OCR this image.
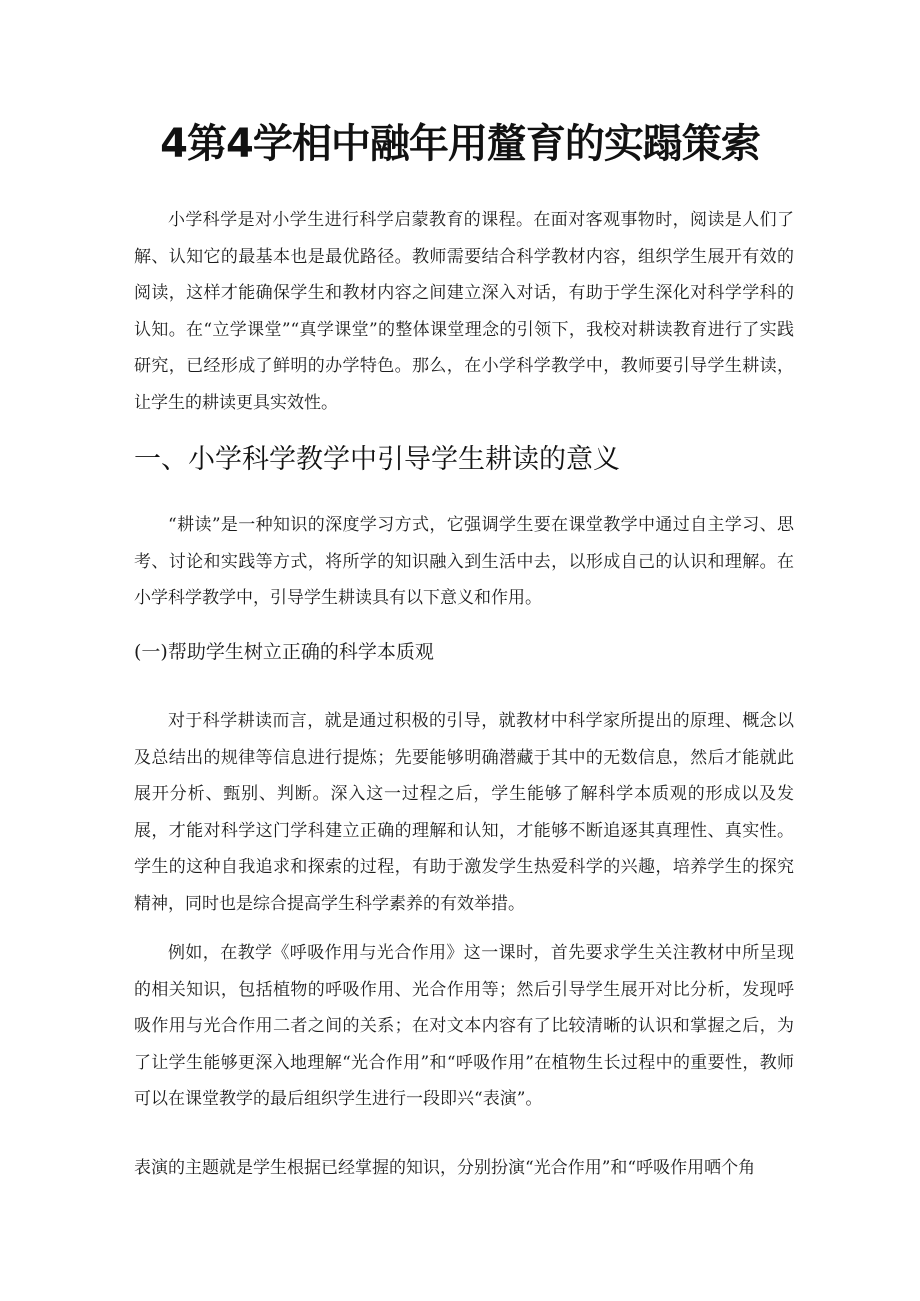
4第4学相中融年用釐育的实蹋策索

小学科学是对小学生进行科学启蒙教育的课程。在面对客观事物时，阅读是人们了解、认知它的最基本也是最优路径。教师需要结合科学教材内容，组织学生展开有效的阅读，这样才能确保学生和教材内容之间建立深入对话，有助于学生深化对科学学科的认知。在“立学课堂”“真学课堂”的整体课堂理念的引领下，我校对耕读教育进行了实践研究，已经形成了鲜明的办学特色。那么，在小学科学教学中，教师要引导学生耕读，让学生的耕读更具实效性。

一、小学科学教学中引导学生耕读的意义

“耕读”是一种知识的深度学习方式，它强调学生要在课堂教学中通过自主学习、思考、讨论和实践等方式，将所学的知识融入到生活中去，以形成自己的认识和理解。在小学科学教学中，引导学生耕读具有以下意义和作用。

(一)帮助学生树立正确的科学本质观

对于科学耕读而言，就是通过积极的引导，就教材中科学家所提出的原理、概念以及总结出的规律等信息进行提炼；先要能够明确潜藏于其中的无数信息，然后才能就此展开分析、甄别、判断。深入这一过程之后，学生能够了解科学本质观的形成以及发展，才能对科学这门学科建立正确的理解和认知，才能够不断追逐其真理性、真实性。学生的这种自我追求和探索的过程，有助于激发学生热爱科学的兴趣，培养学生的探究精神，同时也是综合提高学生科学素养的有效举措。

例如，在教学《呼吸作用与光合作用》这一课时，首先要求学生关注教材中所呈现的相关知识，包括植物的呼吸作用、光合作用等；然后引导学生展开对比分析，发现呼吸作用与光合作用二者之间的关系；在对文本内容有了比较清晰的认识和掌握之后，为了让学生能够更深入地理解“光合作用”和“呼吸作用”在植物生长过程中的重要性，教师可以在课堂教学的最后组织学生进行一段即兴“表演”。

表演的主题就是学生根据已经掌握的知识，分别扮演“光合作用”和“呼吸作用哂个角
